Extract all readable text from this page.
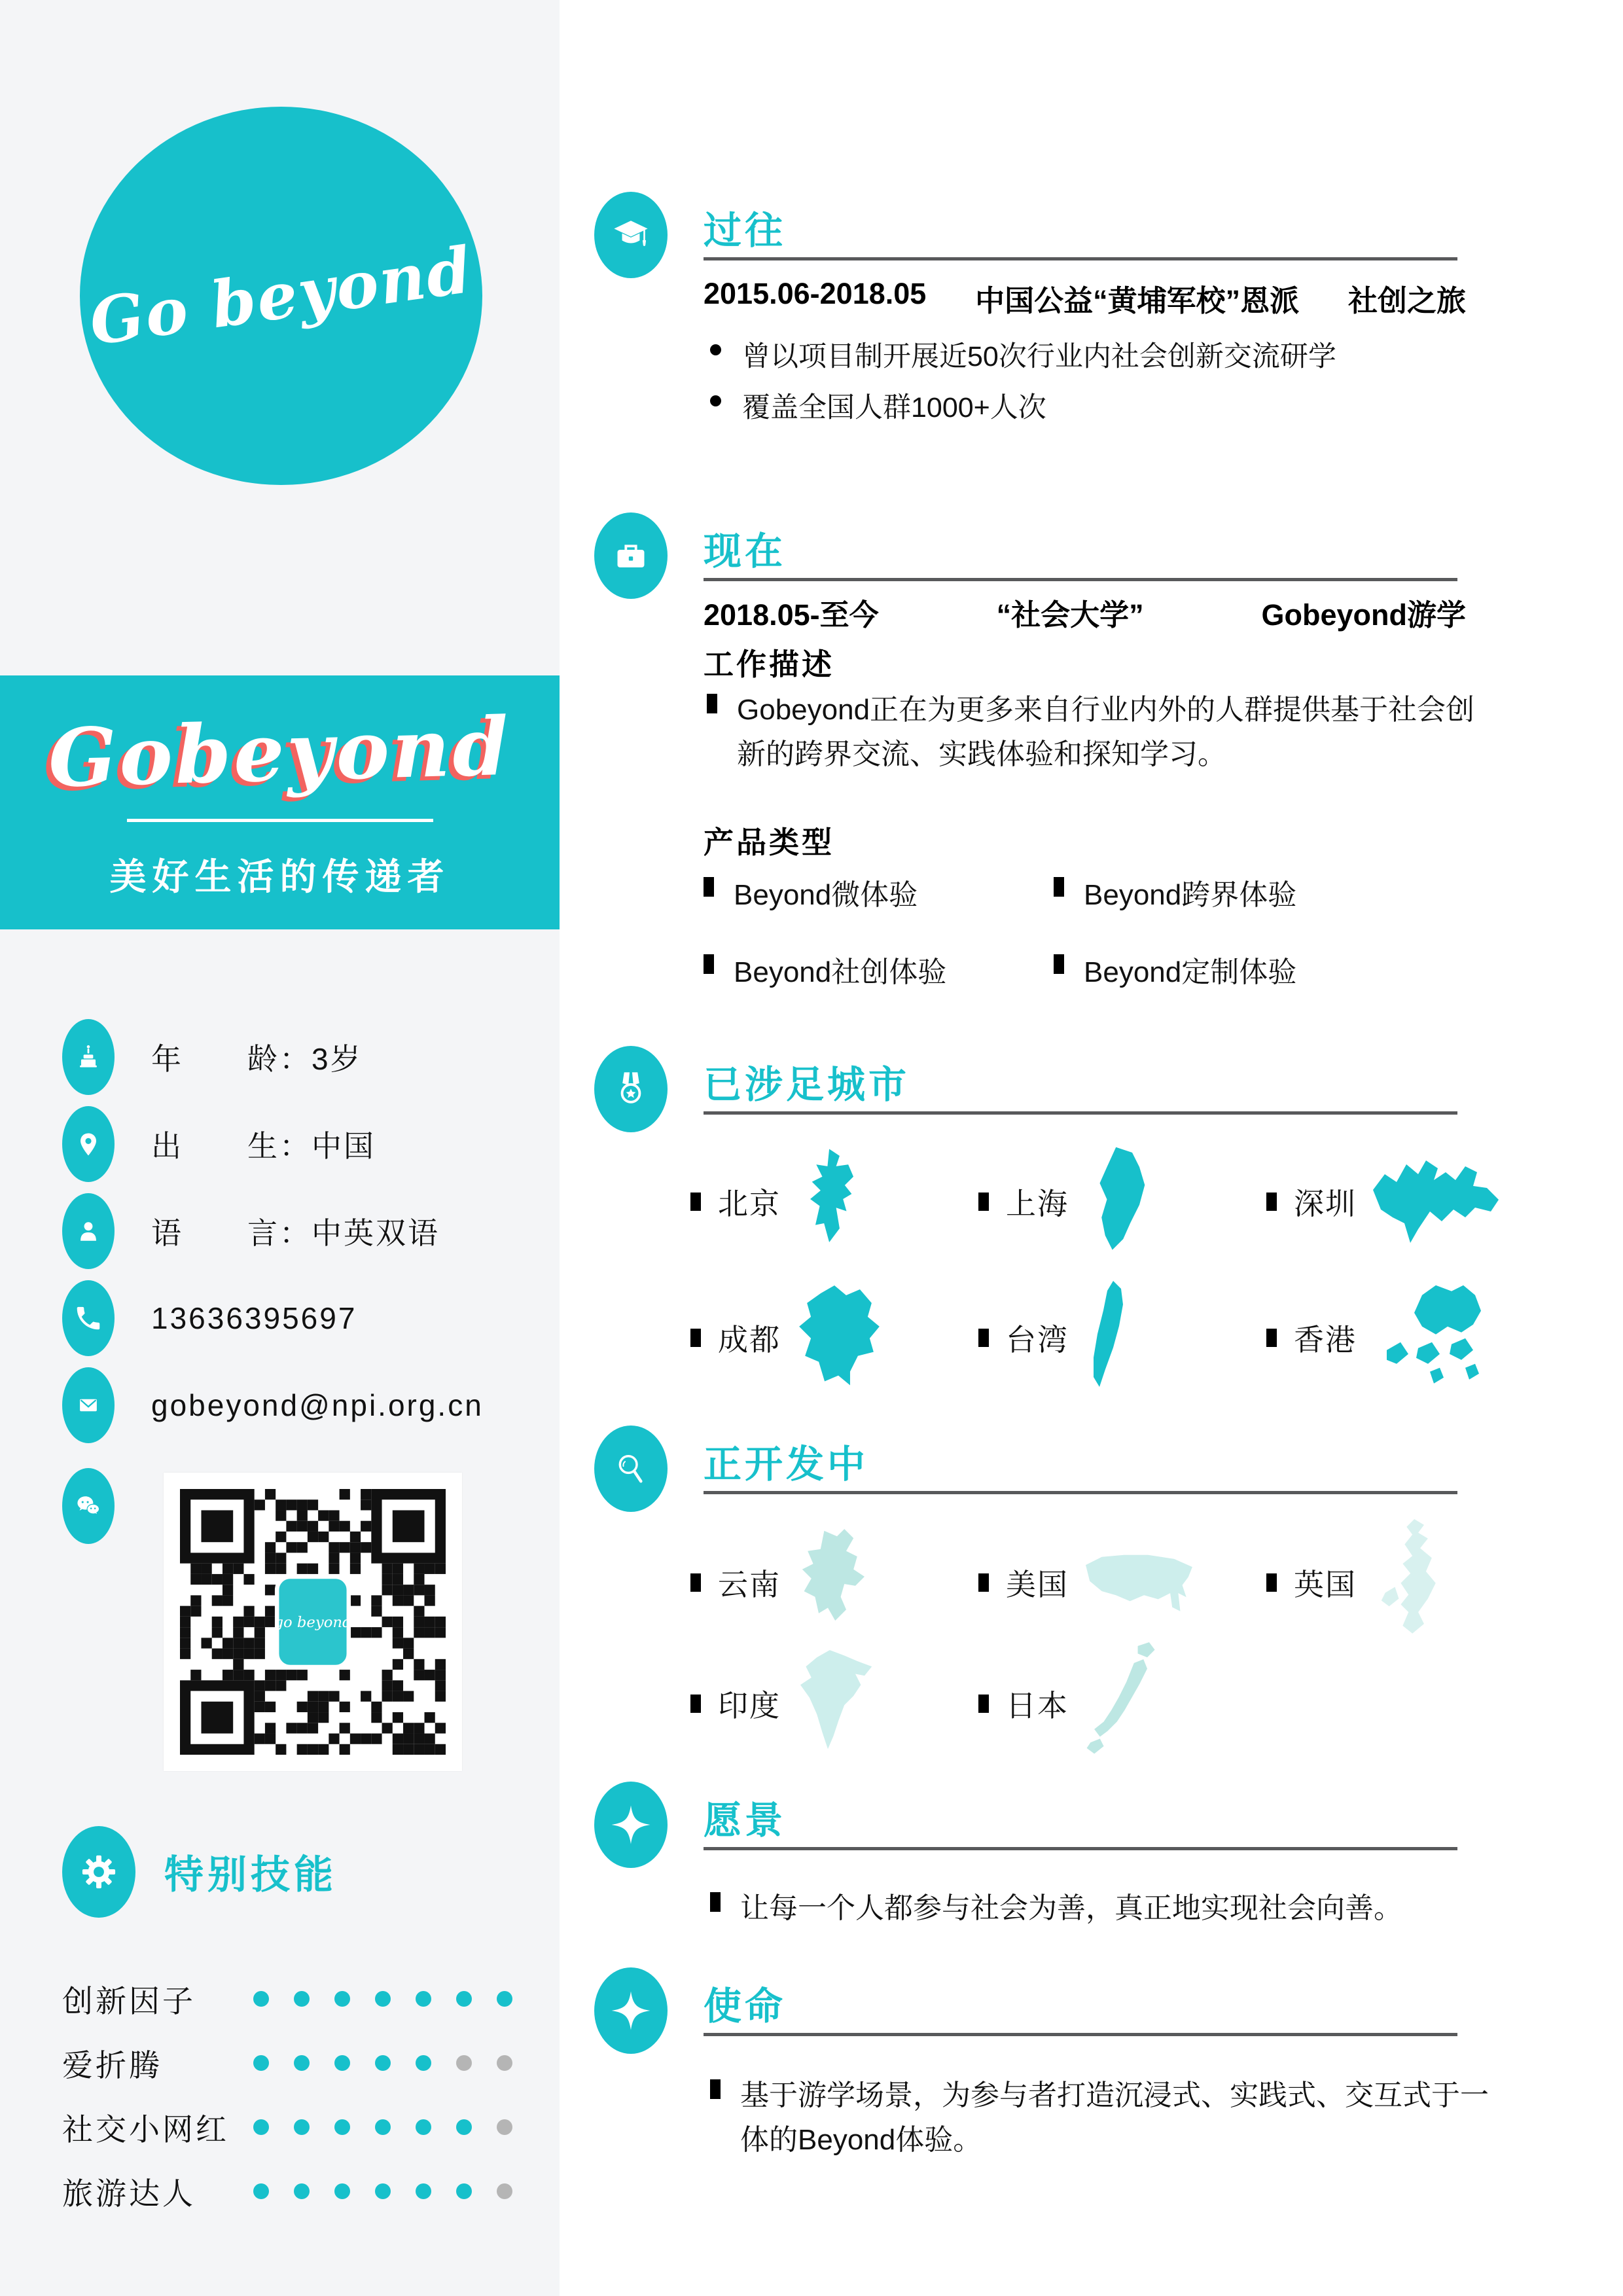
Go beyond
Gobeyond
美好生活的传递者
年　　龄：3岁
出　　生：中国
语　　言：中英双语
13636395697
gobeyond@npi.org.cn
go beyond
特别技能
创新因子
爱折腾
社交小网红
旅游达人
过往
2015.06-2018.05 中国公益“黄埔军校”恩派 社创之旅
曾以项目制开展近50次行业内社会创新交流研学
覆盖全国人群1000+人次
现在
2018.05-至今	“社会大学”	Gobeyond游学
工作描述
Gobeyond正在为更多来自行业内外的人群提供基于社会创新的跨界交流、实践体验和探知学习。
产品类型
Beyond微体验	Beyond跨界体验
Beyond社创体验	Beyond定制体验
已涉足城市
北京	上海	深圳
成都	台湾	香港
正开发中
云南	美国	英国
印度	日本
愿景
让每一个人都参与社会为善，真正地实现社会向善。
使命
基于游学场景，为参与者打造沉浸式、实践式、交互式于一体的Beyond体验。
